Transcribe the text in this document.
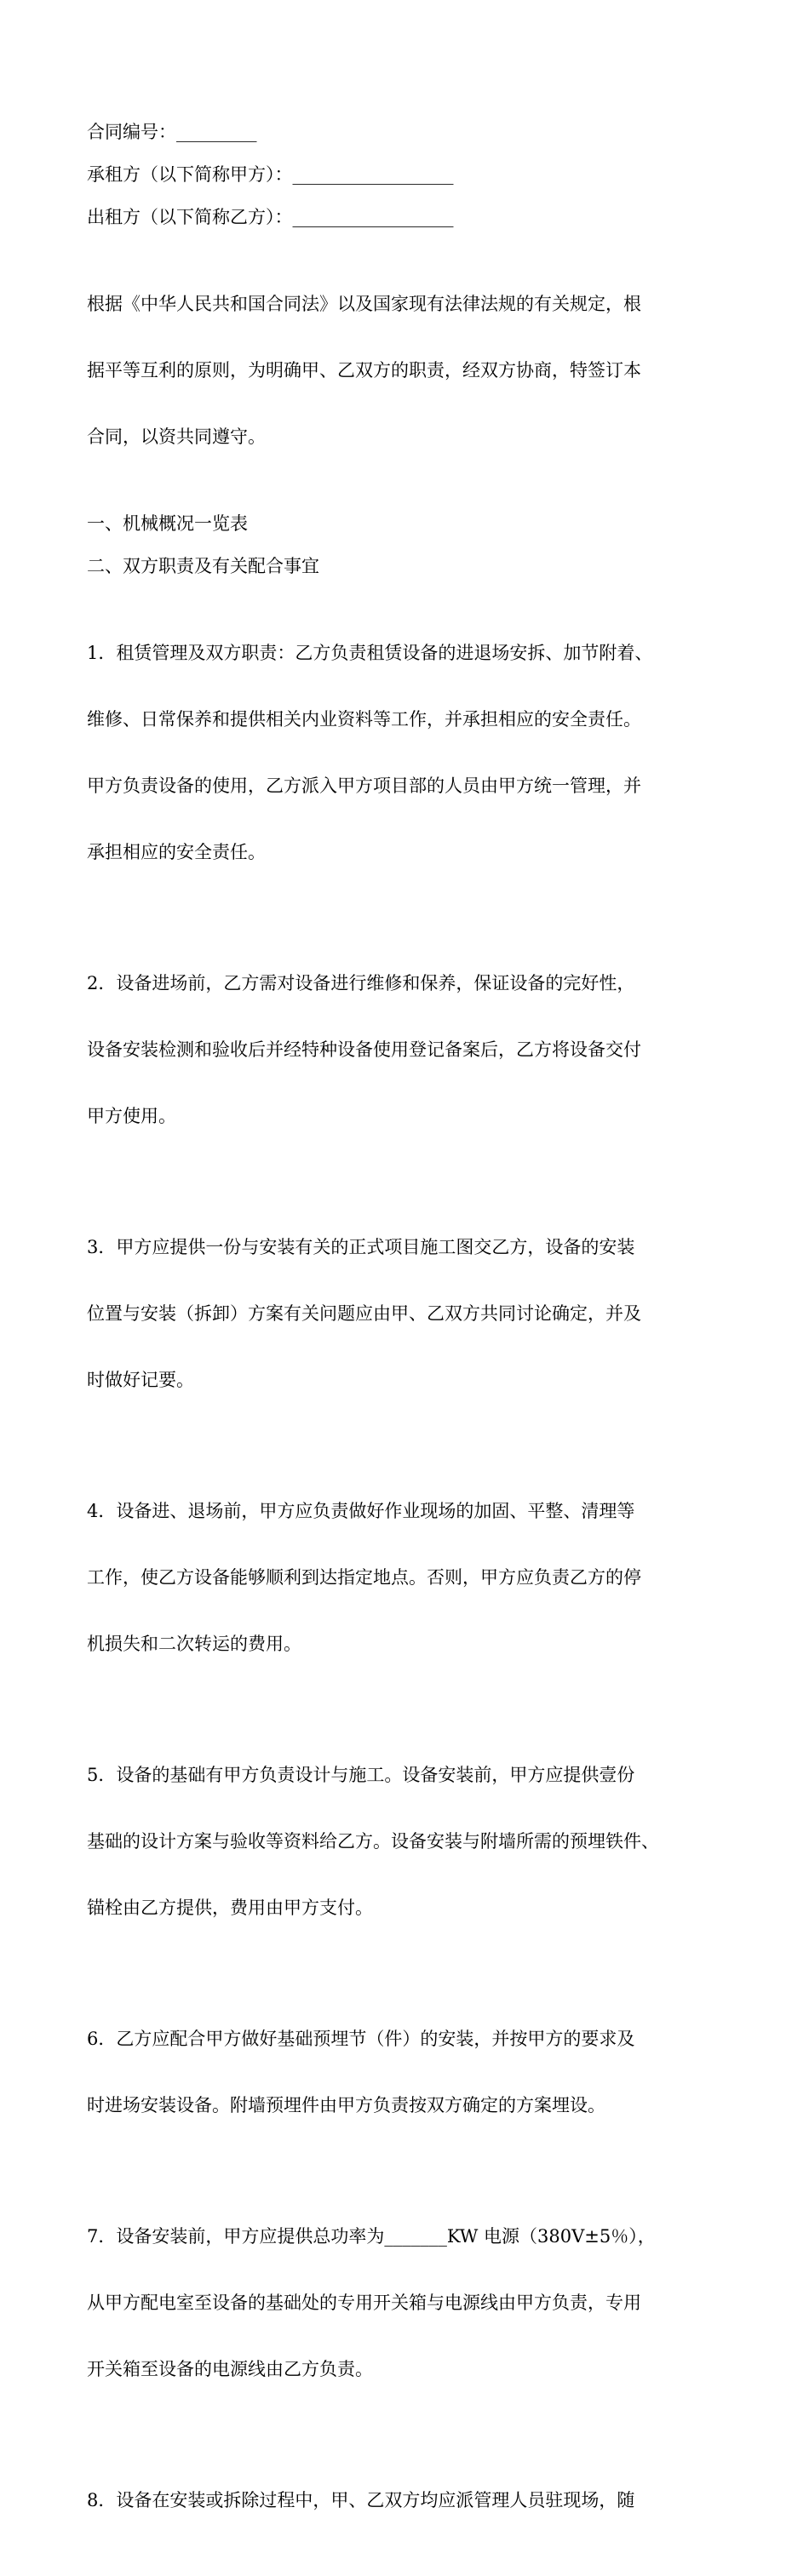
合同编号：_________
承租方（以下简称甲方）：__________________
出租方（以下简称乙方）：__________________

根据《中华人民共和国合同法》以及国家现有法律法规的有关规定，根

据平等互利的原则，为明确甲、乙双方的职责，经双方协商，特签订本

合同，以资共同遵守。

一、机械概况一览表
二、双方职责及有关配合事宜

1．租赁管理及双方职责：乙方负责租赁设备的进退场安拆、加节附着、

维修、日常保养和提供相关内业资料等工作，并承担相应的安全责任。

甲方负责设备的使用，乙方派入甲方项目部的人员由甲方统一管理，并

承担相应的安全责任。

2．设备进场前，乙方需对设备进行维修和保养，保证设备的完好性，

设备安装检测和验收后并经特种设备使用登记备案后，乙方将设备交付

甲方使用。

3．甲方应提供一份与安装有关的正式项目施工图交乙方，设备的安装

位置与安装（拆卸）方案有关问题应由甲、乙双方共同讨论确定，并及

时做好记要。

4．设备进、退场前，甲方应负责做好作业现场的加固、平整、清理等

工作，使乙方设备能够顺利到达指定地点。否则，甲方应负责乙方的停

机损失和二次转运的费用。

5．设备的基础有甲方负责设计与施工。设备安装前，甲方应提供壹份

基础的设计方案与验收等资料给乙方。设备安装与附墙所需的预埋铁件、

锚栓由乙方提供，费用由甲方支付。

6．乙方应配合甲方做好基础预埋节（件）的安装，并按甲方的要求及

时进场安装设备。附墙预埋件由甲方负责按双方确定的方案埋设。

7．设备安装前，甲方应提供总功率为_______KW 电源（380V±5％），

从甲方配电室至设备的基础处的专用开关箱与电源线由甲方负责，专用

开关箱至设备的电源线由乙方负责。

8．设备在安装或拆除过程中，甲、乙双方均应派管理人员驻现场，随
